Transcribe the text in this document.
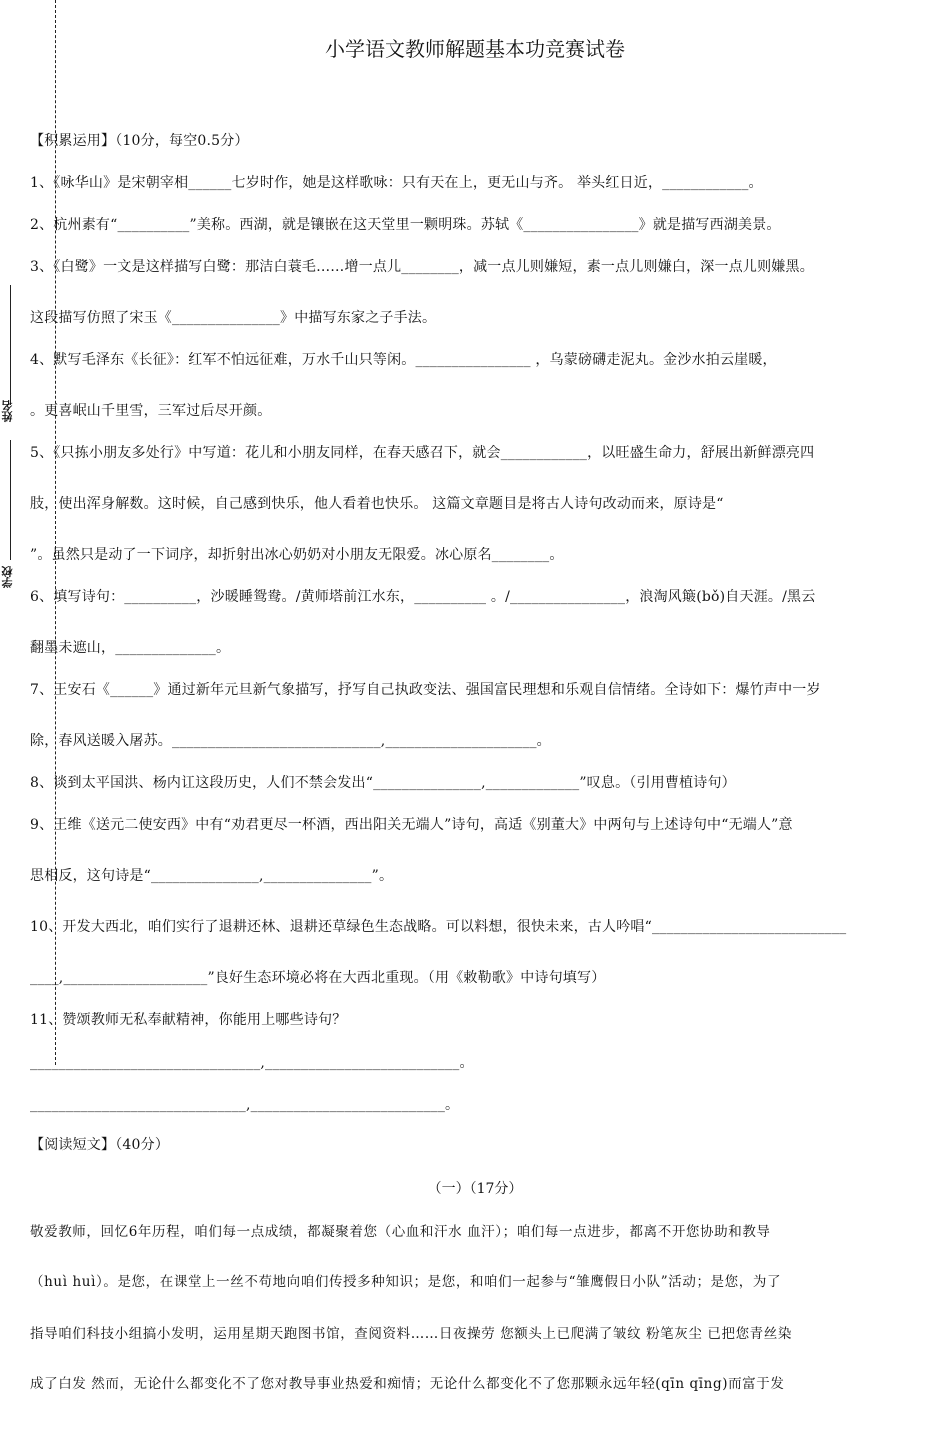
姓名
学校
小学语文教师解题基本功竞赛试卷
【积累运用】（10分，每空0.5分）
1、《咏华山》是宋朝宰相______七岁时作，她是这样歌咏：只有天在上，更无山与齐。 举头红日近，____________。
2、杭州素有“__________”美称。西湖，就是镶嵌在这天堂里一颗明珠。苏轼《________________》就是描写西湖美景。
3、《白鹭》一文是这样描写白鹭：那洁白蓑毛……增一点儿________，减一点儿则嫌短，素一点儿则嫌白，深一点儿则嫌黑。
这段描写仿照了宋玉《_______________》中描写东家之子手法。
4、默写毛泽东《长征》：红军不怕远征难，万水千山只等闲。________________ ，乌蒙磅礴走泥丸。金沙水拍云崖暖，
。更喜岷山千里雪，三军过后尽开颜。
5、《只拣小朋友多处行》中写道：花儿和小朋友同样，在春天感召下，就会____________，以旺盛生命力，舒展出新鲜漂亮四
肢，使出浑身解数。这时候，自己感到快乐，他人看着也快乐。 这篇文章题目是将古人诗句改动而来，原诗是“
”。虽然只是动了一下词序，却折射出冰心奶奶对小朋友无限爱。冰心原名________。
6、填写诗句：__________，沙暖睡鸳鸯。/黄师塔前江水东，__________ 。/________________，浪淘风簸(bǒ)自天涯。/黑云
翻墨未遮山，______________。
7、王安石《______》通过新年元旦新气象描写，抒写自己执政变法、强国富民理想和乐观自信情绪。全诗如下：爆竹声中一岁
除，春风送暖入屠苏。_____________________________,_____________________。
8、谈到太平国洪、杨内讧这段历史，人们不禁会发出“_______________,_____________”叹息。（引用曹植诗句）
9、王维《送元二使安西》中有“劝君更尽一杯酒，西出阳关无端人”诗句，高适《别董大》中两句与上述诗句中“无端人”意
思相反，这句诗是“_______________,_______________”。
10、开发大西北，咱们实行了退耕还林、退耕还草绿色生态战略。可以料想，很快未来，古人吟唱“___________________________
____,____________________”良好生态环境必将在大西北重现。（用《敕勒歌》中诗句填写）
11、赞颂教师无私奉献精神，你能用上哪些诗句？
________________________________,___________________________。
______________________________,___________________________。
【阅读短文】（40分）
（一）（17分）
敬爱教师，回忆6年历程，咱们每一点成绩，都凝聚着您（心血和汗水 血汗）；咱们每一点进步，都离不开您协助和教导
（huì huì）。是您，在课堂上一丝不苟地向咱们传授多种知识；是您，和咱们一起参与“雏鹰假日小队”活动；是您，为了
指导咱们科技小组搞小发明，运用星期天跑图书馆，查阅资料……日夜操劳 您额头上已爬满了皱纹 粉笔灰尘 已把您青丝染
成了白发 然而，无论什么都变化不了您对教导事业热爱和痴情；无论什么都变化不了您那颗永远年轻(qīn qīng)而富于发
